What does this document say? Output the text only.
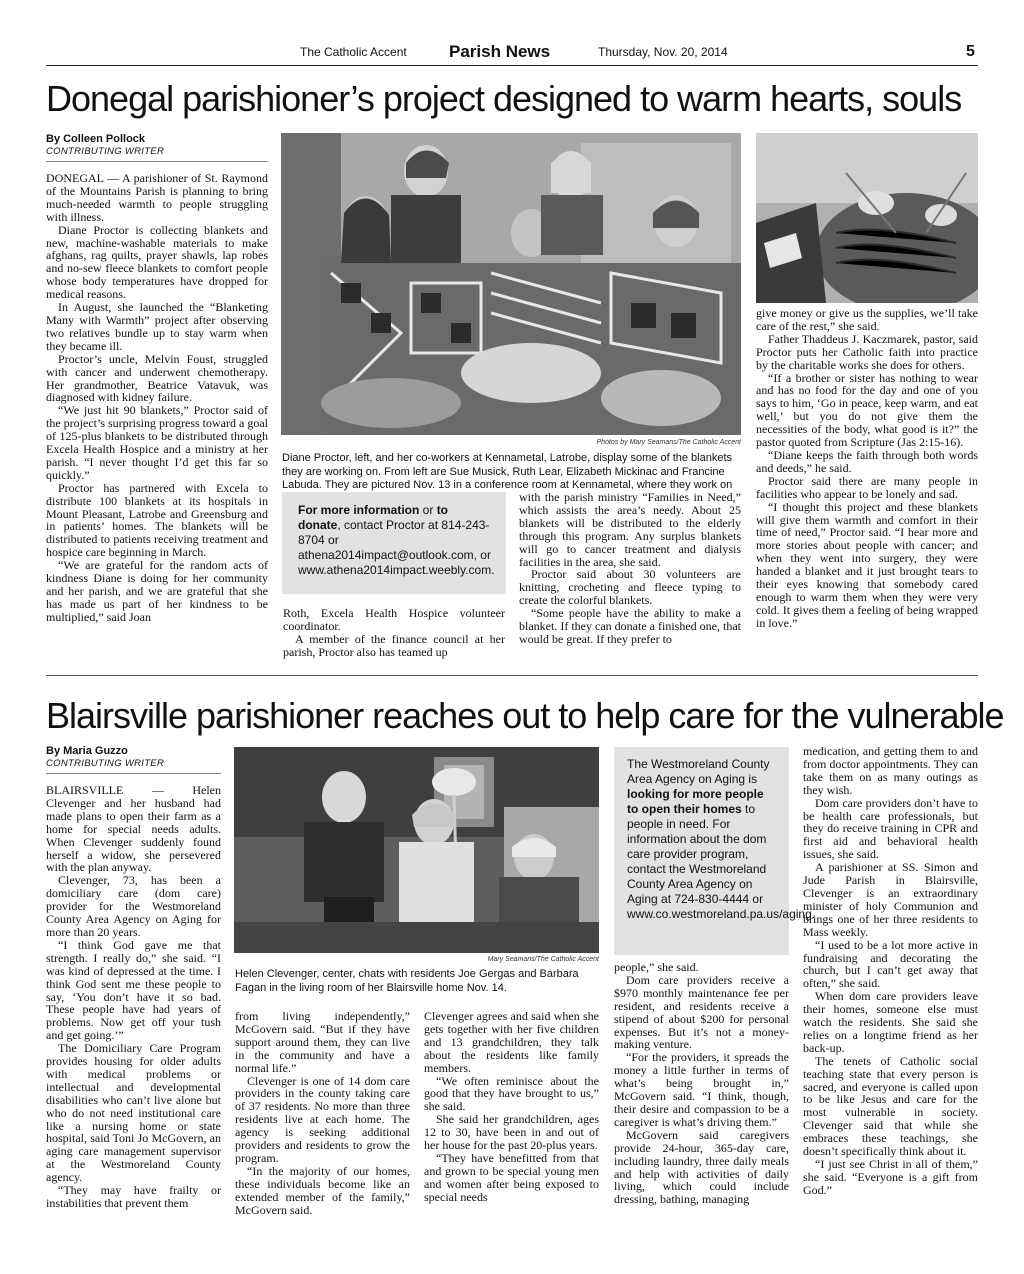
The Catholic Accent Parish News	Thursday, Nov. 20, 2014	5
Donegal parishioner’s project designed to warm hearts, souls
By Colleen Pollock
CONTRIBUTING WRITER

DONEGAL — A parishioner of St. Raymond of the Mountains Parish is planning to bring much-needed warmth to people struggling with illness.

Diane Proctor is collecting blankets and new, machine-washable materials to make afghans, rag quilts, prayer shawls, lap robes and no-sew fleece blankets to comfort people whose body temperatures have dropped for medical reasons.

In August, she launched the “Blanketing Many with Warmth” project after observing two relatives bundle up to stay warm when they became ill.

Proctor’s uncle, Melvin Foust, struggled with cancer and underwent chemotherapy. Her grandmother, Beatrice Vatavuk, was diagnosed with kidney failure.

“We just hit 90 blankets,” Proctor said of the project’s surprising progress toward a goal of 125-plus blankets to be distributed through Excela Health Hospice and a ministry at her parish. “I never thought I’d get this far so quickly.”

Proctor has partnered with Excela to distribute 100 blankets at its hospitals in Mount Pleasant, Latrobe and Greensburg and in patients’ homes. The blankets will be distributed to patients receiving treatment and hospice care beginning in March.

“We are grateful for the random acts of kindness Diane is doing for her community and her parish, and we are grateful that she has made us part of her kindness to be multiplied,” said Joan

Photos by Mary Seamans/The Catholic Accent
Diane Proctor, left, and her co-workers at Kennametal, Latrobe, display some of the blankets they are working on. From left are Sue Musick, Ruth Lear, Elizabeth Mickinac and Francine Labuda. They are pictured Nov. 13 in a conference room at Kennametal, where they work on
For more information or to donate, contact Proctor at 814-243-8704 or athena2014impact@outlook.com, or www.athena2014impact.weebly.com.

Roth, Excela Health Hospice volunteer coordinator.

A member of the finance council at her parish, Proctor also has teamed up

with the parish ministry “Families in Need,” which assists the area’s needy. About 25 blankets will be distributed to the elderly through this program. Any surplus blankets will go to cancer treatment and dialysis facilities in the area, she said.

Proctor said about 30 volunteers are knitting, crocheting and fleece typing to create the colorful blankets.

“Some people have the ability to make a blanket. If they can donate a finished one, that would be great. If they prefer to

give money or give us the supplies, we’ll take care of the rest,” she said.

Father Thaddeus J. Kaczmarek, pastor, said Proctor puts her Catholic faith into practice by the charitable works she does for others.

“If a brother or sister has nothing to wear and has no food for the day and one of you says to him, ‘Go in peace, keep warm, and eat well,’ but you do not give them the necessities of the body, what good is it?” the pastor quoted from Scripture (Jas 2:15-16).

“Diane keeps the faith through both words and deeds,” he said.

Proctor said there are many people in facilities who appear to be lonely and sad.

“I thought this project and these blankets will give them warmth and comfort in their time of need,” Proctor said. “I hear more and more stories about people with cancer; and when they went into surgery, they were handed a blanket and it just brought tears to their eyes knowing that somebody cared enough to warm them when they were very cold. It gives them a feeling of being wrapped in love.”

Blairsville parishioner reaches out to help care for the vulnerable
By Maria Guzzo
CONTRIBUTING WRITER

BLAIRSVILLE — Helen Clevenger and her husband had made plans to open their farm as a home for special needs adults. When Clevenger suddenly found herself a widow, she persevered with the plan anyway.

Clevenger, 73, has been a domiciliary care (dom care) provider for the Westmoreland County Area Agency on Aging for more than 20 years.

“I think God gave me that strength. I really do,” she said. “I was kind of depressed at the time. I think God sent me these people to say, ‘You don’t have it so bad. These people have had years of problems. Now get off your tush and get going.’”

The Domiciliary Care Program provides housing for older adults with medical problems or intellectual and developmental disabilities who can’t live alone but who do not need institutional care like a nursing home or state hospital, said Toni Jo McGovern, an aging care management supervisor at the Westmoreland County agency.

“They may have frailty or instabilities that prevent them

Mary Seamans/The Catholic Accent
Helen Clevenger, center, chats with residents Joe Gergas and Barbara Fagan in the living room of her Blairsville home Nov. 14.

from living independently,” McGovern said. “But if they have support around them, they can live in the community and have a normal life.”

Clevenger is one of 14 dom care providers in the county taking care of 37 residents. No more than three residents live at each home. The agency is seeking additional providers and residents to grow the program.

“In the majority of our homes, these individuals become like an extended member of the family,” McGovern said.

Clevenger agrees and said when she gets together with her five children and 13 grandchildren, they talk about the residents like family members.

“We often reminisce about the good that they have brought to us,” she said.

She said her grandchildren, ages 12 to 30, have been in and out of her house for the past 20-plus years.

“They have benefitted from that and grown to be special young men and women after being exposed to special needs

The Westmoreland County Area Agency on Aging is looking for more people to open their homes to people in need. For information about the dom care provider program, contact the Westmoreland County Area Agency on Aging at 724-830-4444 or www.co.westmoreland.pa.us/aging.

people,” she said.

Dom care providers receive a $970 monthly maintenance fee per resident, and residents receive a stipend of about $200 for personal expenses. But it’s not a money-making venture.

“For the providers, it spreads the money a little further in terms of what’s being brought in,” McGovern said. “I think, though, their desire and compassion to be a caregiver is what’s driving them.”

McGovern said caregivers provide 24-hour, 365-day care, including laundry, three daily meals and help with activities of daily living, which could include dressing, bathing, managing

medication, and getting them to and from doctor appointments. They can take them on as many outings as they wish.

Dom care providers don’t have to be health care professionals, but they do receive training in CPR and first aid and behavioral health issues, she said.

A parishioner at SS. Simon and Jude Parish in Blairsville, Clevenger is an extraordinary minister of holy Communion and brings one of her three residents to Mass weekly.

“I used to be a lot more active in fundraising and decorating the church, but I can’t get away that often,” she said.

When dom care providers leave their homes, someone else must watch the residents. She said she relies on a longtime friend as her back-up.

The tenets of Catholic social teaching state that every person is sacred, and everyone is called upon to be like Jesus and care for the most vulnerable in society. Clevenger said that while she embraces these teachings, she doesn’t specifically think about it.

“I just see Christ in all of them,” she said. “Everyone is a gift from God.”
